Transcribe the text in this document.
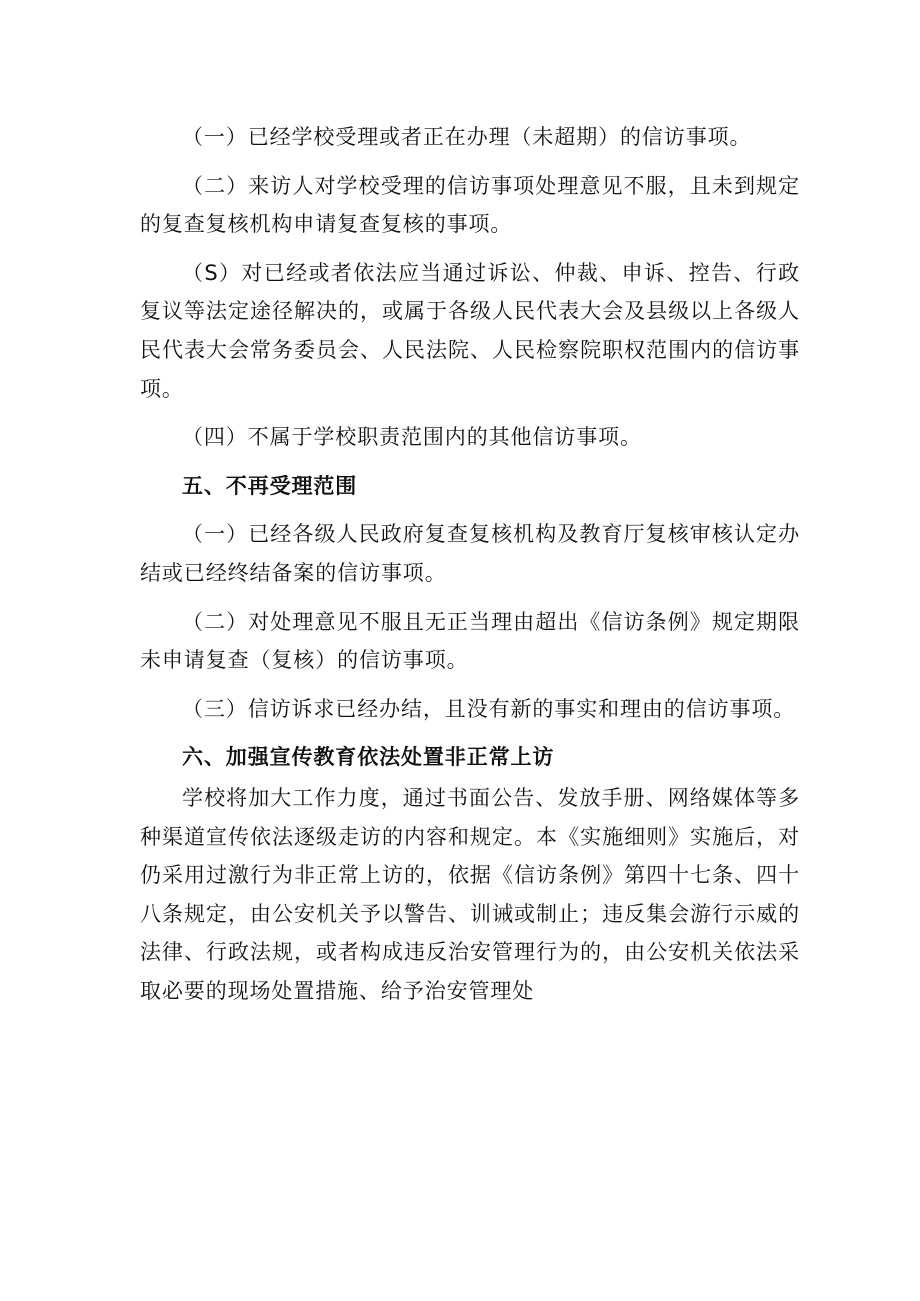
（一）已经学校受理或者正在办理（未超期）的信访事项。

（二）来访人对学校受理的信访事项处理意见不服，且未到规定的复查复核机构申请复查复核的事项。

（S）对已经或者依法应当通过诉讼、仲裁、申诉、控告、行政复议等法定途径解决的，或属于各级人民代表大会及县级以上各级人民代表大会常务委员会、人民法院、人民检察院职权范围内的信访事项。

（四）不属于学校职责范围内的其他信访事项。

五、不再受理范围

（一）已经各级人民政府复查复核机构及教育厅复核审核认定办结或已经终结备案的信访事项。

（二）对处理意见不服且无正当理由超出《信访条例》规定期限未申请复查（复核）的信访事项。

（三）信访诉求已经办结，且没有新的事实和理由的信访事项。

六、加强宣传教育依法处置非正常上访

学校将加大工作力度，通过书面公告、发放手册、网络媒体等多种渠道宣传依法逐级走访的内容和规定。本《实施细则》实施后，对仍采用过激行为非正常上访的，依据《信访条例》第四十七条、四十八条规定，由公安机关予以警告、训诫或制止；违反集会游行示威的法律、行政法规，或者构成违反治安管理行为的，由公安机关依法采取必要的现场处置措施、给予治安管理处
